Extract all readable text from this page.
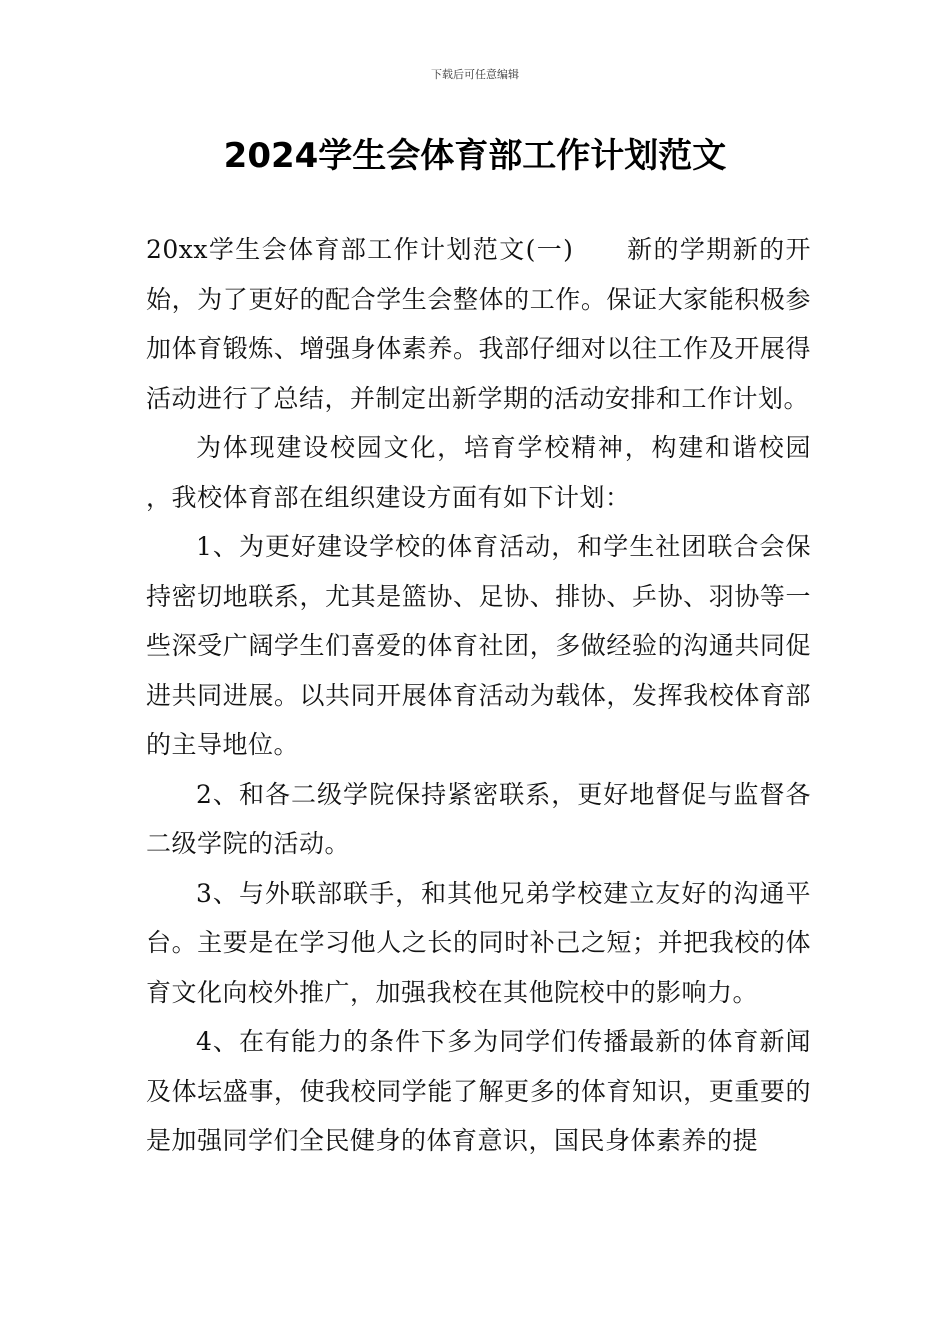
下载后可任意编辑
2024学生会体育部工作计划范文

20xx学生会体育部工作计划范文(一)　　新的学期新的开始，为了更好的配合学生会整体的工作。保证大家能积极参加体育锻炼、增强身体素养。我部仔细对以往工作及开展得活动进行了总结，并制定出新学期的活动安排和工作计划。

为体现建设校园文化，培育学校精神，构建和谐校园 ，我校体育部在组织建设方面有如下计划：

1、为更好建设学校的体育活动，和学生社团联合会保持密切地联系，尤其是篮协、足协、排协、乒协、羽协等一些深受广阔学生们喜爱的体育社团，多做经验的沟通共同促进共同进展。以共同开展体育活动为载体，发挥我校体育部的主导地位。

2、和各二级学院保持紧密联系，更好地督促与监督各二级学院的活动。

3、与外联部联手，和其他兄弟学校建立友好的沟通平台。主要是在学习他人之长的同时补己之短；并把我校的体育文化向校外推广，加强我校在其他院校中的影响力。

4、在有能力的条件下多为同学们传播最新的体育新闻及体坛盛事，使我校同学能了解更多的体育知识，更重要的是加强同学们全民健身的体育意识，国民身体素养的提
